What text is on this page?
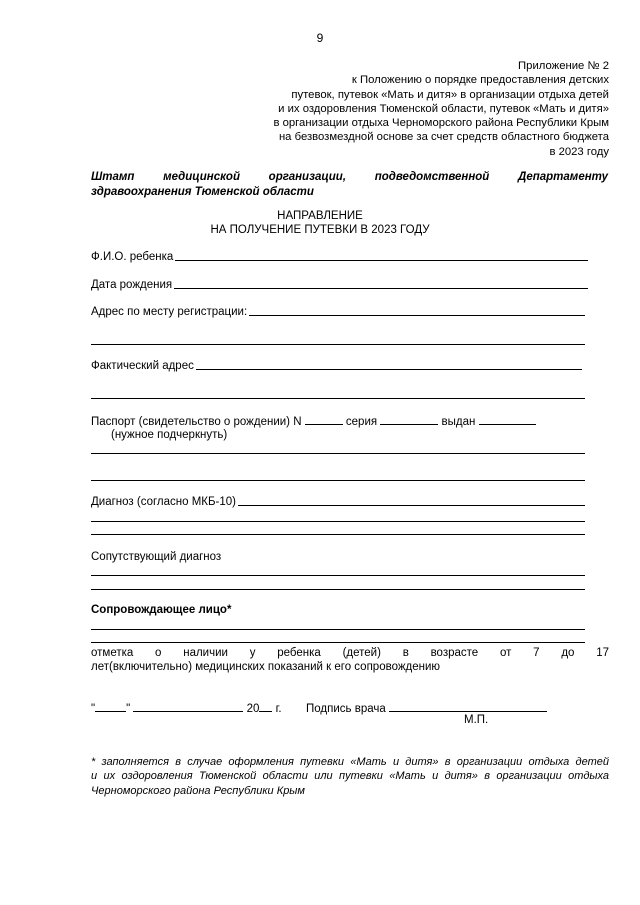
9
Приложение № 2
к Положению о порядке предоставления детских
путевок, путевок «Мать и дитя» в организации отдыха детей
и их оздоровления Тюменской области, путевок «Мать и дитя»
в организации отдыха Черноморского района Республики Крым
на безвозмездной основе за счет средств областного бюджета
в 2023 году
Штамп медицинской организации, подведомственной Департаменту
здравоохранения Тюменской области
НАПРАВЛЕНИЕ
НА ПОЛУЧЕНИЕ ПУТЕВКИ В 2023 ГОДУ
Ф.И.О. ребенка
Дата рождения
Адрес по месту регистрации:
Фактический адрес
Паспорт (свидетельство о рождении) N	серия	выдан
(нужное подчеркнуть)
Диагноз (согласно МКБ-10)
Сопутствующий диагноз
Сопровождающее лицо*
отметка о наличии у ребенка (детей) в возрасте от 7 до 17
лет(включительно) медицинских показаний к его сопровождению
"	"	20 г. Подпись врача
М.П.
* заполняется в случае оформления путевки «Мать и дитя» в организации отдыха детей
и их оздоровления Тюменской области или путевки «Мать и дитя» в организации отдыха
Черноморского района Республики Крым
